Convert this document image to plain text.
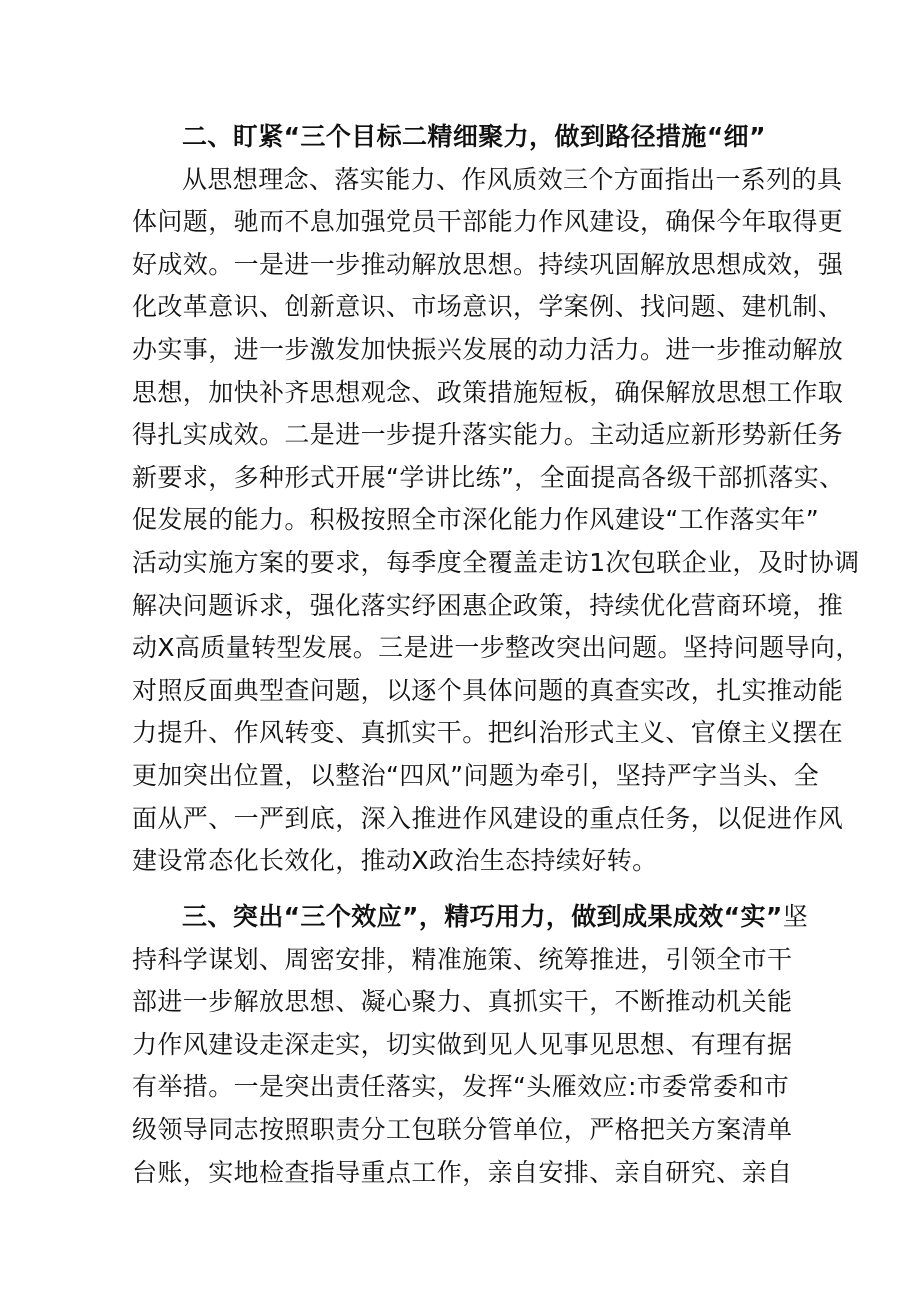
二、盯紧“三个目标二精细聚力，做到路径措施“细”
从思想理念、落实能力、作风质效三个方面指出一系列的具
体问题，驰而不息加强党员干部能力作风建设，确保今年取得更
好成效。一是进一步推动解放思想。持续巩固解放思想成效，强
化改革意识、创新意识、市场意识，学案例、找问题、建机制、
办实事，进一步激发加快振兴发展的动力活力。进一步推动解放
思想，加快补齐思想观念、政策措施短板，确保解放思想工作取
得扎实成效。二是进一步提升落实能力。主动适应新形势新任务
新要求，多种形式开展“学讲比练”，全面提高各级干部抓落实、
促发展的能力。积极按照全市深化能力作风建设“工作落实年”
活动实施方案的要求，每季度全覆盖走访1次包联企业，及时协调
解决问题诉求，强化落实纾困惠企政策，持续优化营商环境，推
动X高质量转型发展。三是进一步整改突出问题。坚持问题导向，
对照反面典型查问题，以逐个具体问题的真查实改，扎实推动能
力提升、作风转变、真抓实干。把纠治形式主义、官僚主义摆在
更加突出位置，以整治“四风”问题为牵引，坚持严字当头、全
面从严、一严到底，深入推进作风建设的重点任务，以促进作风
建设常态化长效化，推动X政治生态持续好转。
三、突出“三个效应”，精巧用力，做到成果成效“实”坚
持科学谋划、周密安排，精准施策、统筹推进，引领全市干
部进一步解放思想、凝心聚力、真抓实干，不断推动机关能
力作风建设走深走实，切实做到见人见事见思想、有理有据
有举措。一是突出责任落实，发挥“头雁效应:市委常委和市
级领导同志按照职责分工包联分管单位，严格把关方案清单
台账，实地检查指导重点工作，亲自安排、亲自研究、亲自
